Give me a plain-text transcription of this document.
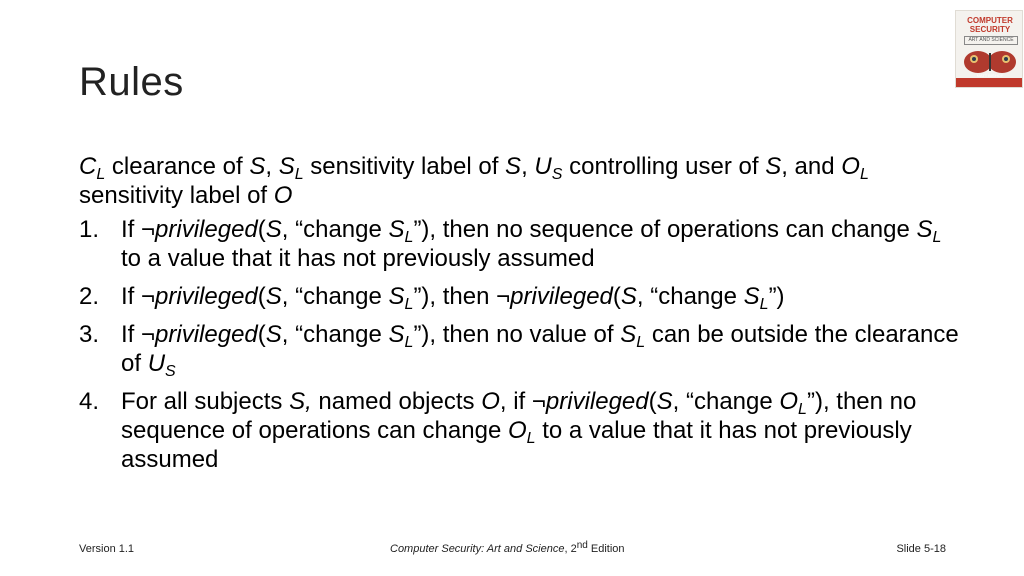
Rules
COMPUTER
SECURITY
ART AND SCIENCE
MATT BISHOP
$C_L$ clearance of S, $S_L$ sensitivity label of S, $U_S$ controlling user of S, and $O_L$ sensitivity label of O
1. If ¬privileged(S, “change $S_L$”), then no sequence of operations can change $S_L$ to a value that it has not previously assumed
2. If ¬privileged(S, “change $S_L$”), then ¬privileged(S, “change $S_L$”)
3. If ¬privileged(S, “change $S_L$”), then no value of $S_L$ can be outside the clearance of $U_S$
4. For all subjects S, named objects O, if ¬privileged(S, “change $O_L$”), then no sequence of operations can change $O_L$ to a value that it has not previously assumed
Version 1.1	Computer Security: Art and Science, 2nd Edition	Slide 5-18
